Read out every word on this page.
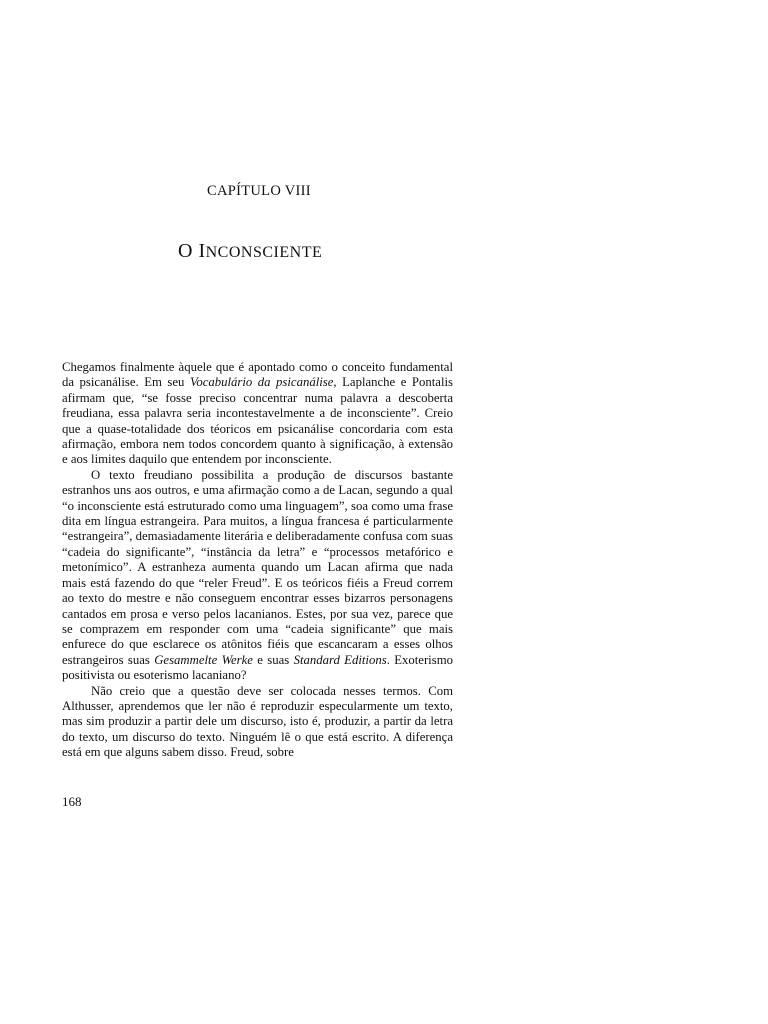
CAPÍTULO VIII
O INCONSCIENTE

Chegamos finalmente àquele que é apontado como o conceito fundamental da psicanálise. Em seu Vocabulário da psicanálise, Laplanche e Pontalis afirmam que, “se fosse preciso concentrar numa palavra a descoberta freudiana, essa palavra seria incontestavelmente a de inconsciente”. Creio que a quase-totalidade dos téoricos em psicanálise concordaria com esta afirmação, embora nem todos concordem quanto à significação, à extensão e aos limites daquilo que entendem por inconsciente.

O texto freudiano possibilita a produção de discursos bastante estranhos uns aos outros, e uma afirmação como a de Lacan, segundo a qual “o inconsciente está estruturado como uma linguagem”, soa como uma frase dita em língua estrangeira. Para muitos, a língua francesa é particularmente “estrangeira”, demasiadamente literária e deliberadamente confusa com suas “cadeia do significante”, “instância da letra” e “processos metafórico e metonímico”. A estranheza aumenta quando um Lacan afirma que nada mais está fazendo do que “reler Freud”. E os teóricos fiéis a Freud correm ao texto do mestre e não conseguem encontrar esses bizarros personagens cantados em prosa e verso pelos lacanianos. Estes, por sua vez, parece que se comprazem em responder com uma “cadeia significante” que mais enfurece do que esclarece os atônitos fiéis que escancaram a esses olhos estrangeiros suas Gesammelte Werke e suas Standard Editions. Exoterismo positivista ou esoterismo lacaniano?

Não creio que a questão deve ser colocada nesses termos. Com Althusser, aprendemos que ler não é reproduzir especularmente um texto, mas sim produzir a partir dele um discurso, isto é, produzir, a partir da letra do texto, um discurso do texto. Ninguém lê o que está escrito. A diferença está em que alguns sabem disso. Freud, sobre

168
